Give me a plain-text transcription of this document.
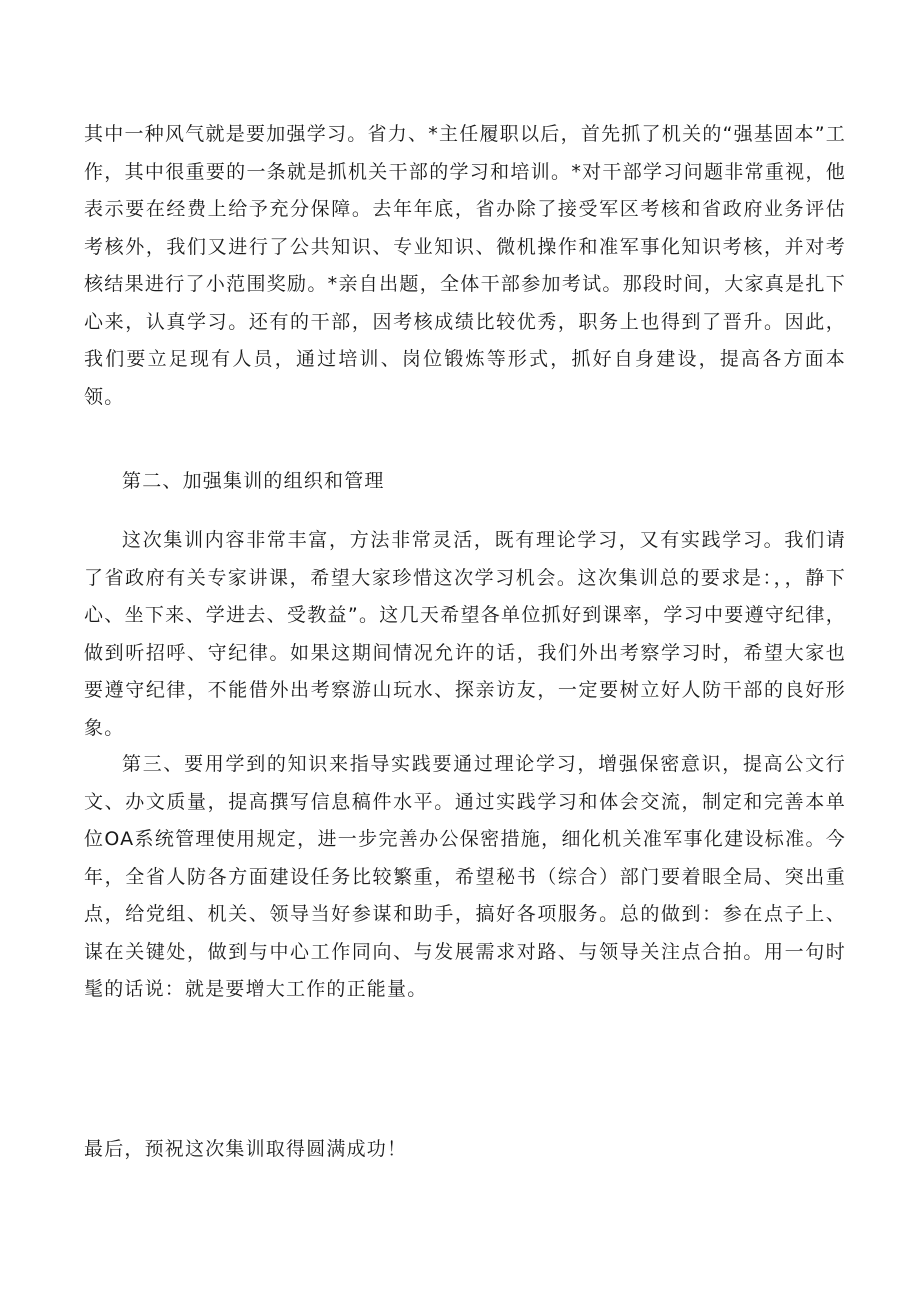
其中一种风气就是要加强学习。省力、*主任履职以后，首先抓了机关的“强基固本”工作，其中很重要的一条就是抓机关干部的学习和培训。*对干部学习问题非常重视，他表示要在经费上给予充分保障。去年年底，省办除了接受军区考核和省政府业务评估考核外，我们又进行了公共知识、专业知识、微机操作和准军事化知识考核，并对考核结果进行了小范围奖励。*亲自出题，全体干部参加考试。那段时间，大家真是扎下心来，认真学习。还有的干部，因考核成绩比较优秀，职务上也得到了晋升。因此，我们要立足现有人员，通过培训、岗位锻炼等形式，抓好自身建设，提高各方面本领。

第二、加强集训的组织和管理

这次集训内容非常丰富，方法非常灵活，既有理论学习，又有实践学习。我们请了省政府有关专家讲课，希望大家珍惜这次学习机会。这次集训总的要求是：，，静下心、坐下来、学进去、受教益”。这几天希望各单位抓好到课率，学习中要遵守纪律，做到听招呼、守纪律。如果这期间情况允许的话，我们外出考察学习时，希望大家也要遵守纪律，不能借外出考察游山玩水、探亲访友，一定要树立好人防干部的良好形象。

第三、要用学到的知识来指导实践要通过理论学习，增强保密意识，提高公文行文、办文质量，提高撰写信息稿件水平。通过实践学习和体会交流，制定和完善本单位OA系统管理使用规定，进一步完善办公保密措施，细化机关准军事化建设标准。今年，全省人防各方面建设任务比较繁重，希望秘书（综合）部门要着眼全局、突出重点，给党组、机关、领导当好参谋和助手，搞好各项服务。总的做到：参在点子上、谋在关键处，做到与中心工作同向、与发展需求对路、与领导关注点合拍。用一句时髦的话说：就是要增大工作的正能量。

最后，预祝这次集训取得圆满成功！
